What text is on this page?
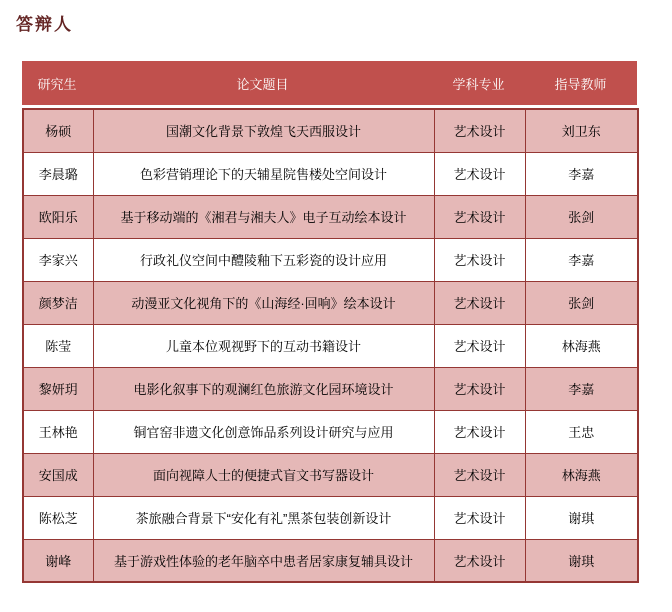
答辩人
研究生	论文题目	学科专业	指导教师
杨硕	国潮文化背景下敦煌飞天西服设计	艺术设计	刘卫东
李晨璐	色彩营销理论下的天辅星院售楼处空间设计	艺术设计	李嘉
欧阳乐	基于移动端的《湘君与湘夫人》电子互动绘本设计	艺术设计	张剑
李家兴	行政礼仪空间中醴陵釉下五彩瓷的设计应用	艺术设计	李嘉
颜梦洁	动漫亚文化视角下的《山海经·回响》绘本设计	艺术设计	张剑
陈莹	儿童本位观视野下的互动书籍设计	艺术设计	林海燕
黎妍玥	电影化叙事下的观澜红色旅游文化园环境设计	艺术设计	李嘉
王林艳	铜官窑非遗文化创意饰品系列设计研究与应用	艺术设计	王忠
安国成	面向视障人士的便捷式盲文书写器设计	艺术设计	林海燕
陈松芝	茶旅融合背景下“安化有礼”黑茶包装创新设计	艺术设计	谢琪
谢峰	基于游戏性体验的老年脑卒中患者居家康复辅具设计	艺术设计	谢琪
